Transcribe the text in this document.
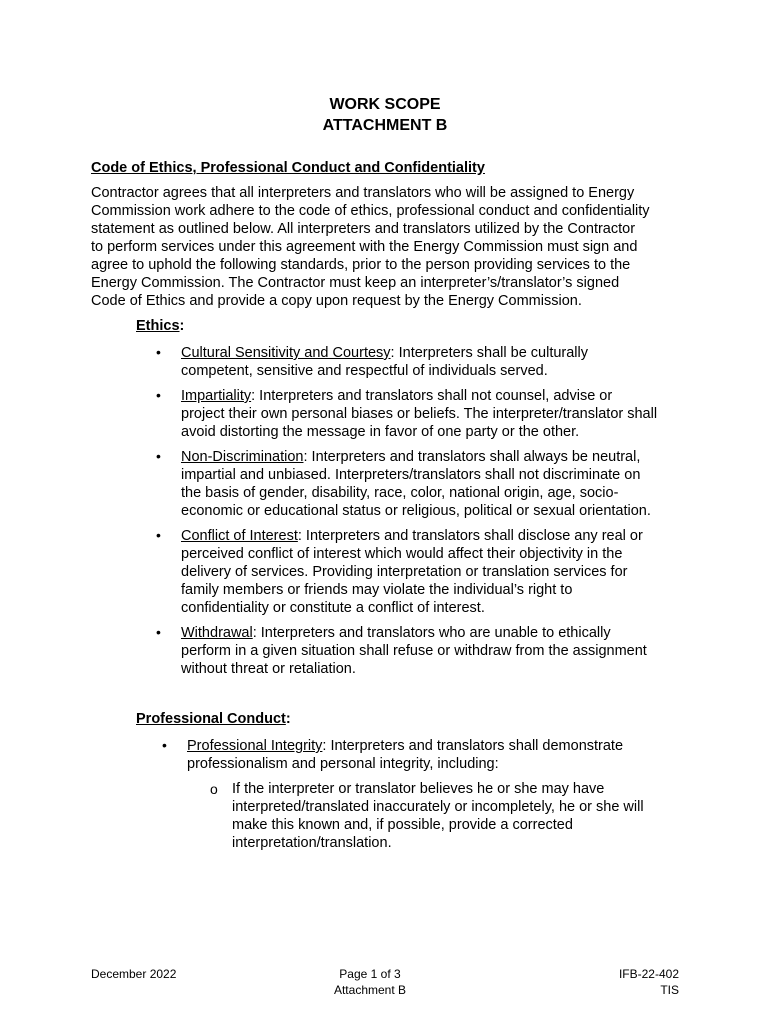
WORK SCOPE
ATTACHMENT B
Code of Ethics, Professional Conduct and Confidentiality

Contractor agrees that all interpreters and translators who will be assigned to Energy
Commission work adhere to the code of ethics, professional conduct and confidentiality
statement as outlined below. All interpreters and translators utilized by the Contractor
to perform services under this agreement with the Energy Commission must sign and
agree to uphold the following standards, prior to the person providing services to the
Energy Commission. The Contractor must keep an interpreter’s/translator’s signed
Code of Ethics and provide a copy upon request by the Energy Commission.

Ethics:
• Cultural Sensitivity and Courtesy: Interpreters shall be culturally
competent, sensitive and respectful of individuals served.
• Impartiality: Interpreters and translators shall not counsel, advise or
project their own personal biases or beliefs. The interpreter/translator shall
avoid distorting the message in favor of one party or the other.
• Non-Discrimination: Interpreters and translators shall always be neutral,
impartial and unbiased. Interpreters/translators shall not discriminate on
the basis of gender, disability, race, color, national origin, age, socio-
economic or educational status or religious, political or sexual orientation.
• Conflict of Interest: Interpreters and translators shall disclose any real or
perceived conflict of interest which would affect their objectivity in the
delivery of services. Providing interpretation or translation services for
family members or friends may violate the individual’s right to
confidentiality or constitute a conflict of interest.
• Withdrawal: Interpreters and translators who are unable to ethically
perform in a given situation shall refuse or withdraw from the assignment
without threat or retaliation.
Professional Conduct:
• Professional Integrity: Interpreters and translators shall demonstrate
professionalism and personal integrity, including:
o If the interpreter or translator believes he or she may have
interpreted/translated inaccurately or incompletely, he or she will
make this known and, if possible, provide a corrected
interpretation/translation.
December 2022	Page 1 of 3
Attachment B
IFB-22-402
TIS
